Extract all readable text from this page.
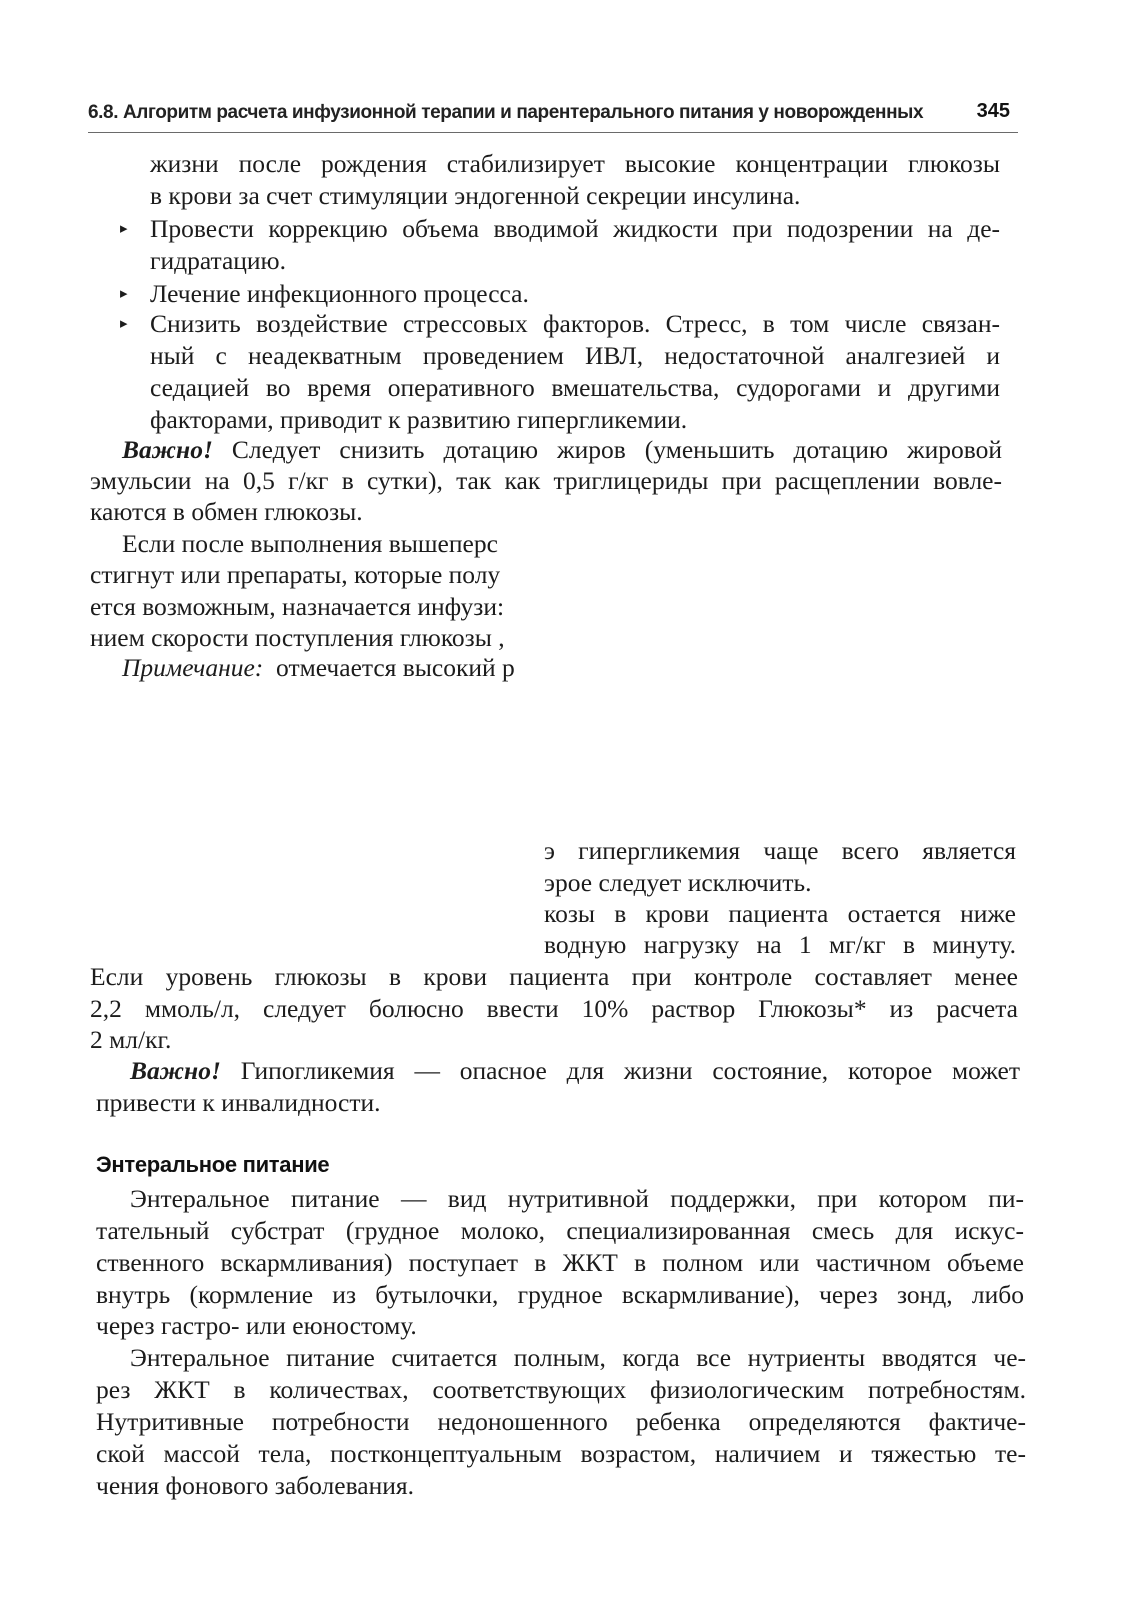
6.8. Алгоритм расчета инфузионной терапии и парентерального питания у новорожденных	345
жизни после рождения стабилизирует высокие концентрации глюкозы
в крови за счет стимуляции эндогенной секреции инсулина.
▸ Провести коррекцию объема вводимой жидкости при подозрении на де-
гидратацию.
▸ Лечение инфекционного процесса.
▸ Снизить воздействие стрессовых факторов. Стресс, в том числе связан-
ный с неадекватным проведением ИВЛ, недостаточной аналгезией и
седацией во время оперативного вмешательства, судорогами и другими
факторами, приводит к развитию гипергликемии.
Важно! Следует снизить дотацию жиров (уменьшить дотацию жировой
эмульсии на 0,5 г/кг в сутки), так как триглицериды при расщеплении вовле-
каются в обмен глюкозы.
Если после выполнения вышеперс
стигнут или препараты, которые полу
ется возможным, назначается инфузи:
нием скорости поступления глюкозы ,
Примечание: отмечается высокий р
э гипергликемия чаще всего является
эрое следует исключить.
козы в крови пациента остается ниже
водную нагрузку на 1 мг/кг в минуту.
Если уровень глюкозы в крови пациента при контроле составляет менее
2,2 ммоль/л, следует болюсно ввести 10% раствор Глюкозы* из расчета
2 мл/кг.
Важно! Гипогликемия — опасное для жизни состояние, которое может
привести к инвалидности.
Энтеральное питание
Энтеральное питание — вид нутритивной поддержки, при котором пи-
тательный субстрат (грудное молоко, специализированная смесь для искус-
ственного вскармливания) поступает в ЖКТ в полном или частичном объеме
внутрь (кормление из бутылочки, грудное вскармливание), через зонд, либо
через гастро- или еюностому.
Энтеральное питание считается полным, когда все нутриенты вводятся че-
рез ЖКТ в количествах, соответствующих физиологическим потребностям.
Нутритивные потребности недоношенного ребенка определяются фактиче-
ской массой тела, постконцептуальным возрастом, наличием и тяжестью те-
чения фонового заболевания.
